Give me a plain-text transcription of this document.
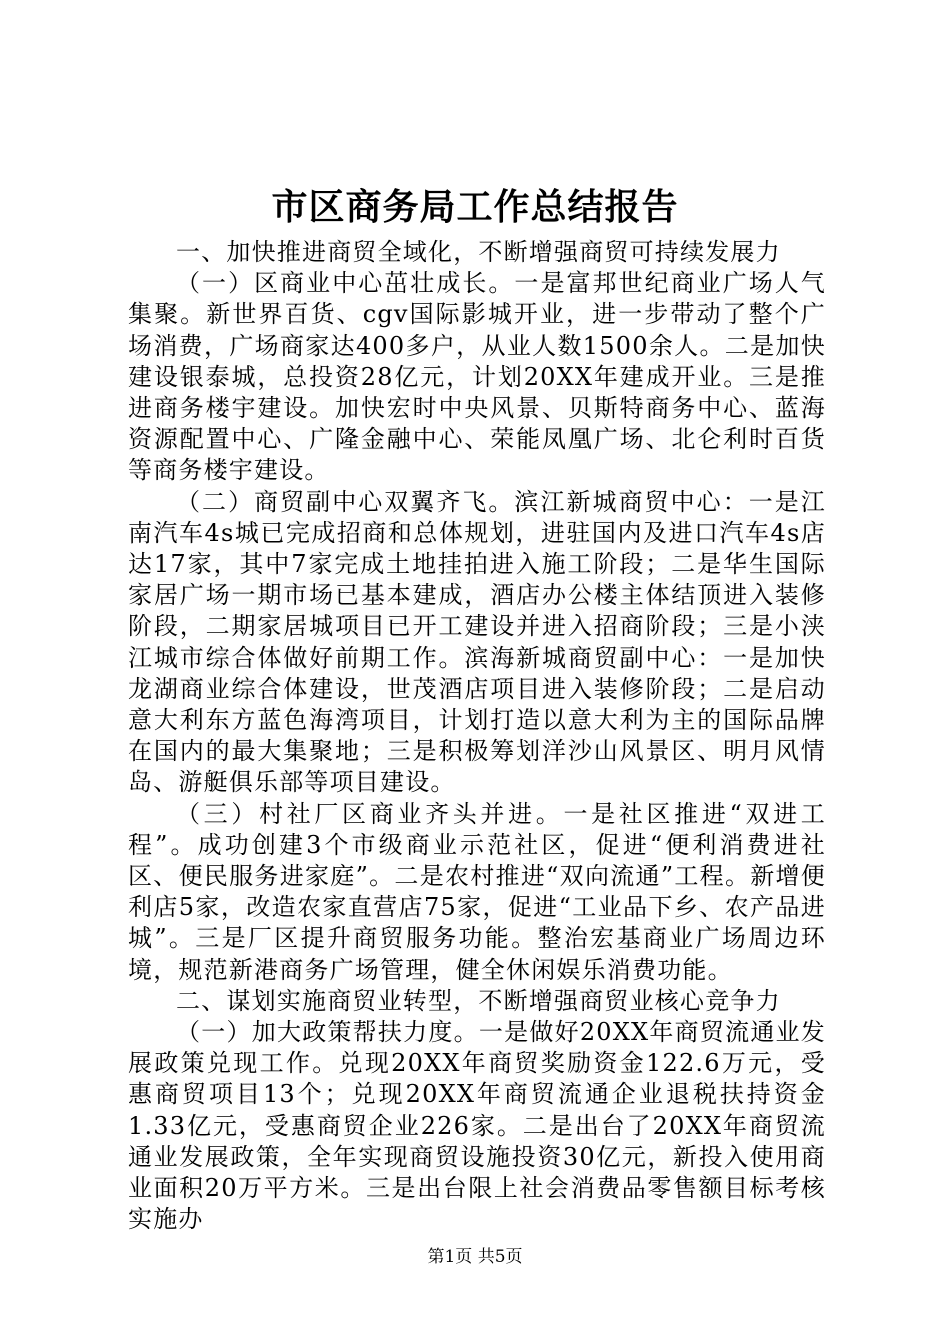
市区商务局工作总结报告

一、加快推进商贸全域化，不断增强商贸可持续发展力

（一）区商业中心茁壮成长。一是富邦世纪商业广场人气集聚。新世界百货、cgv国际影城开业，进一步带动了整个广场消费，广场商家达400多户，从业人数1500余人。二是加快建设银泰城，总投资28亿元，计划20XX年建成开业。三是推进商务楼宇建设。加快宏时中央风景、贝斯特商务中心、蓝海资源配置中心、广隆金融中心、荣能凤凰广场、北仑利时百货等商务楼宇建设。

（二）商贸副中心双翼齐飞。滨江新城商贸中心：一是江南汽车4s城已完成招商和总体规划，进驻国内及进口汽车4s店达17家，其中7家完成土地挂拍进入施工阶段；二是华生国际家居广场一期市场已基本建成，酒店办公楼主体结顶进入装修阶段，二期家居城项目已开工建设并进入招商阶段；三是小浃江城市综合体做好前期工作。滨海新城商贸副中心：一是加快龙湖商业综合体建设，世茂酒店项目进入装修阶段；二是启动意大利东方蓝色海湾项目，计划打造以意大利为主的国际品牌在国内的最大集聚地；三是积极筹划洋沙山风景区、明月风情岛、游艇俱乐部等项目建设。

（三）村社厂区商业齐头并进。一是社区推进“双进工程”。成功创建3个市级商业示范社区，促进“便利消费进社区、便民服务进家庭”。二是农村推进“双向流通”工程。新增便利店5家，改造农家直营店75家，促进“工业品下乡、农产品进城”。三是厂区提升商贸服务功能。整治宏基商业广场周边环境，规范新港商务广场管理，健全休闲娱乐消费功能。

二、谋划实施商贸业转型，不断增强商贸业核心竞争力

（一）加大政策帮扶力度。一是做好20XX年商贸流通业发展政策兑现工作。兑现20XX年商贸奖励资金122.6万元，受惠商贸项目13个；兑现20XX年商贸流通企业退税扶持资金1.33亿元，受惠商贸企业226家。二是出台了20XX年商贸流通业发展政策，全年实现商贸设施投资30亿元，新投入使用商业面积20万平方米。三是出台限上社会消费品零售额目标考核实施办

第1页 共5页
